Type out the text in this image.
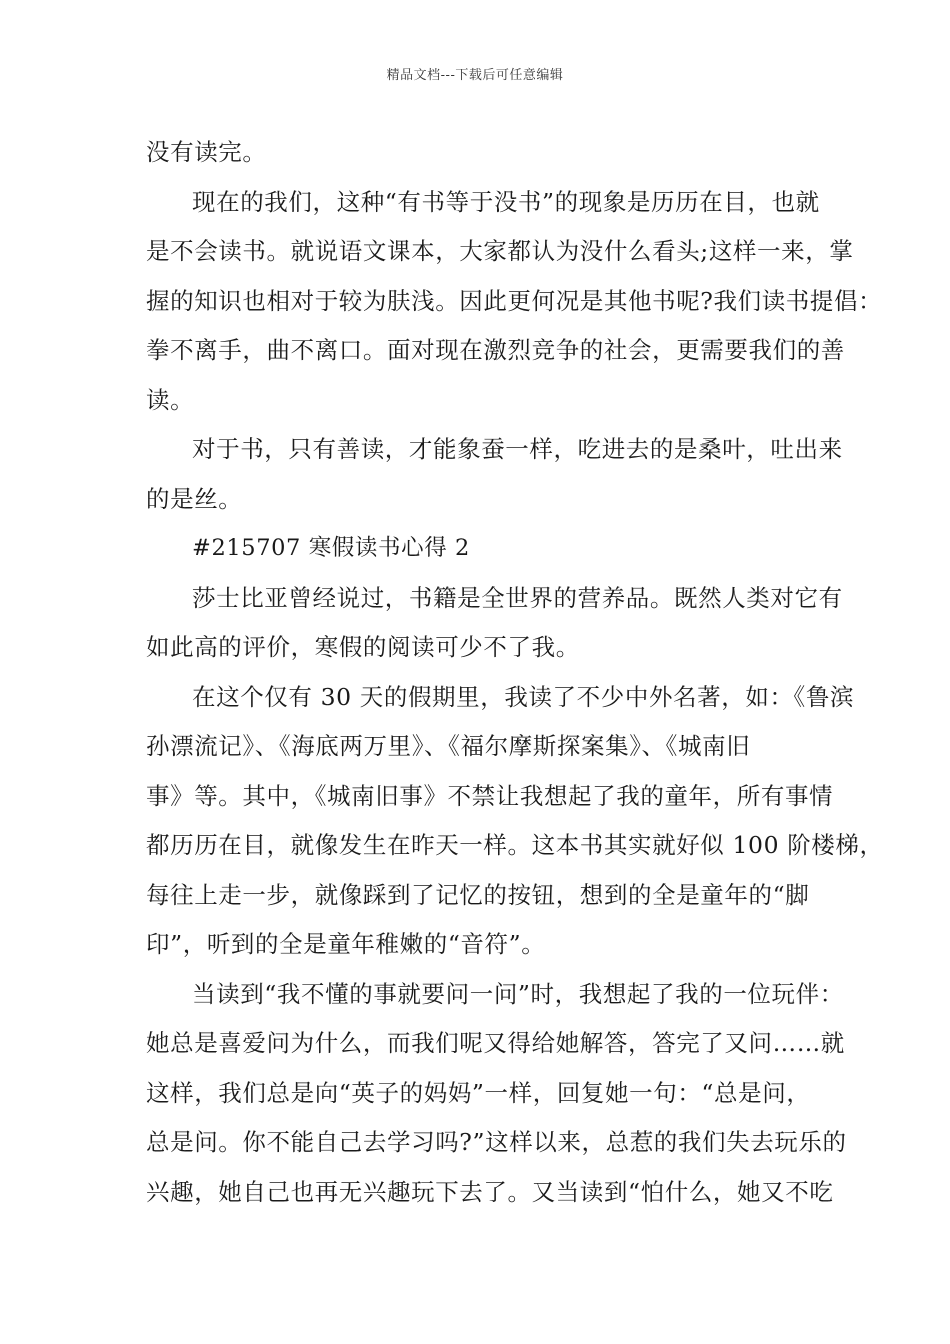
精品文档---下载后可任意编辑
没有读完。
现在的我们，这种“有书等于没书”的现象是历历在目，也就
是不会读书。就说语文课本，大家都认为没什么看头;这样一来，掌
握的知识也相对于较为肤浅。因此更何况是其他书呢?我们读书提倡：
拳不离手，曲不离口。面对现在激烈竞争的社会，更需要我们的善
读。
对于书，只有善读，才能象蚕一样，吃进去的是桑叶，吐出来
的是丝。
#215707 寒假读书心得 2
莎士比亚曾经说过，书籍是全世界的营养品。既然人类对它有
如此高的评价，寒假的阅读可少不了我。
在这个仅有 30 天的假期里，我读了不少中外名著，如：《鲁滨
孙漂流记》、《海底两万里》、《福尔摩斯探案集》、《城南旧
事》等。其中，《城南旧事》不禁让我想起了我的童年，所有事情
都历历在目，就像发生在昨天一样。这本书其实就好似 100 阶楼梯，
每往上走一步，就像踩到了记忆的按钮，想到的全是童年的“脚
印”，听到的全是童年稚嫩的“音符”。
当读到“我不懂的事就要问一问”时，我想起了我的一位玩伴：
她总是喜爱问为什么，而我们呢又得给她解答，答完了又问……就
这样，我们总是向“英子的妈妈”一样，回复她一句：“总是问，
总是问。你不能自己去学习吗?”这样以来，总惹的我们失去玩乐的
兴趣，她自己也再无兴趣玩下去了。又当读到“怕什么，她又不吃
